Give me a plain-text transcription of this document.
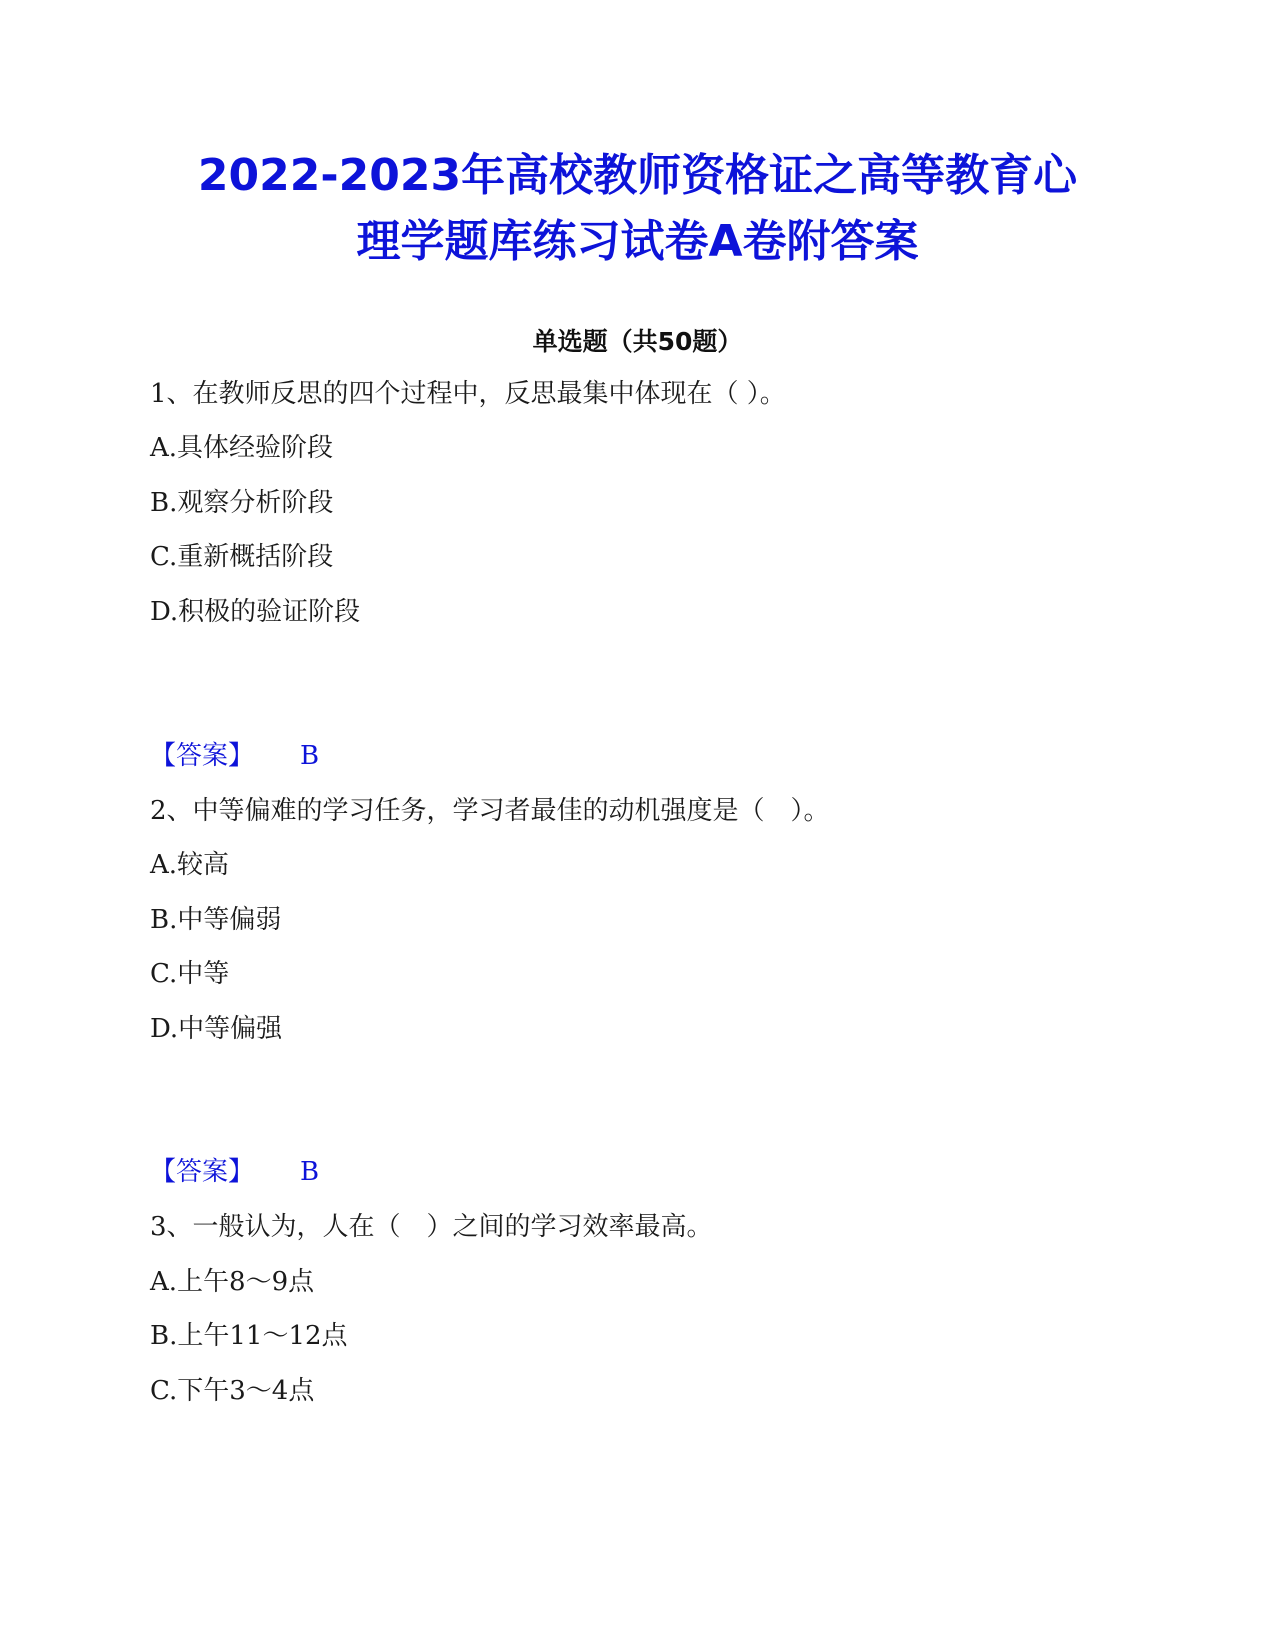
2022-2023年高校教师资格证之高等教育心
理学题库练习试卷A卷附答案
单选题（共50题）
1、在教师反思的四个过程中，反思最集中体现在（ ）。
A.具体经验阶段
B.观察分析阶段
C.重新概括阶段
D.积极的验证阶段
【答案】 B
2、中等偏难的学习任务，学习者最佳的动机强度是（　）。
A.较高
B.中等偏弱
C.中等
D.中等偏强
【答案】 B
3、一般认为，人在（　）之间的学习效率最高。
A.上午8～9点
B.上午11～12点
C.下午3～4点
